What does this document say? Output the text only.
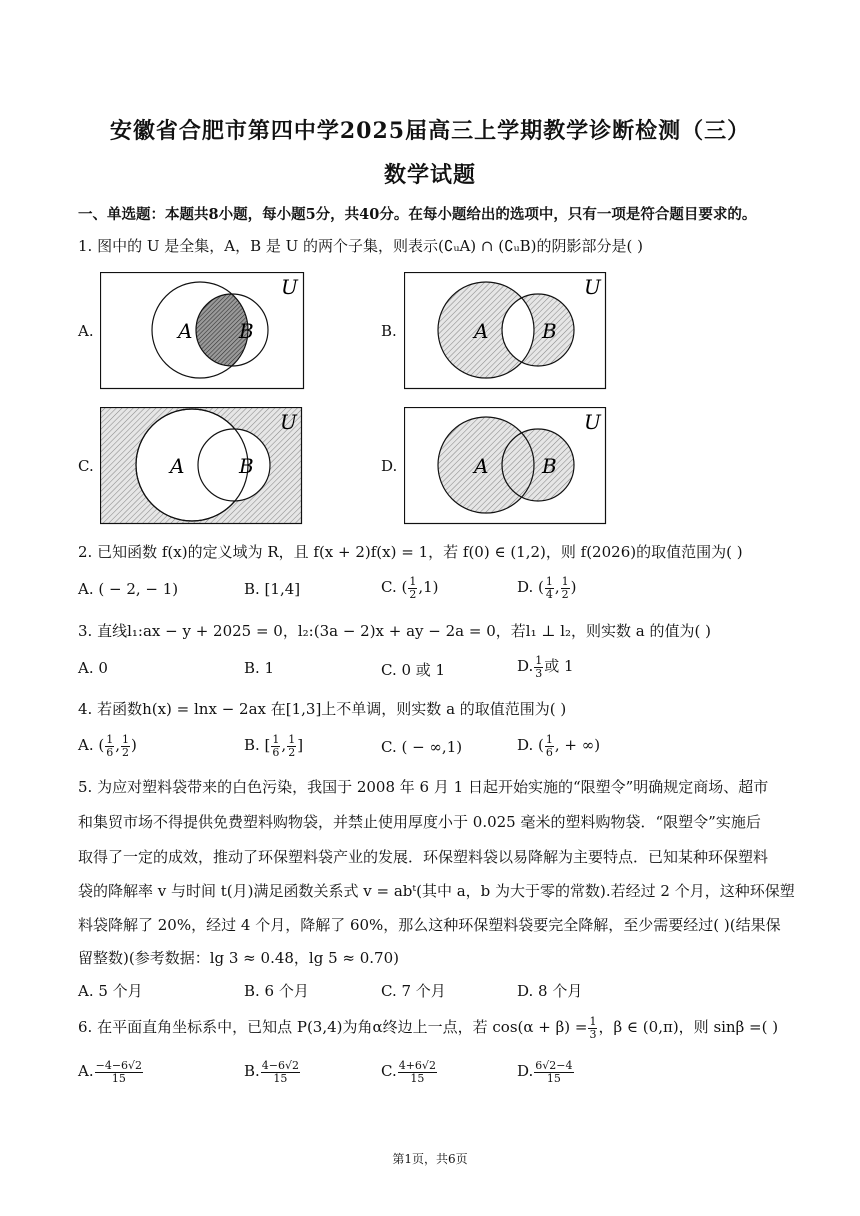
安徽省合肥市第四中学2025届高三上学期教学诊断检测（三）
数学试题
一、单选题：本题共8小题，每小题5分，共40分。在每小题给出的选项中，只有一项是符合题目要求的。
1. 图中的 U 是全集，A，B 是 U 的两个子集，则表示(∁ᵤA) ∩ (∁ᵤB)的阴影部分是( )
A.	A B
U
B.	A	B
U
C.	A	B
U
D.	A	B
U
2. 已知函数 f(x)的定义域为 R，且 f(x + 2)f(x) = 1，若 f(0) ∈ (1,2)，则 f(2026)的取值范围为( )
A. ( − 2, − 1)	B. [1,4]	C. ( $\frac{1}{2} ,1$)	D. ( $\frac{1}{4}$ , $\frac{1}{2}$ )
3. 直线l₁:ax − y + 2025 = 0，l₂:(3a − 2)x + ay − 2a = 0，若l₁ ⊥ l₂，则实数 a 的值为( )
A. 0	B. 1	C. 0 或 1	D. $\frac{1}{3}$ 或 1
4. 若函数h(x) = lnx − 2ax 在[1,3]上不单调，则实数 a 的取值范围为( )
A. ( $\frac{1}{6}$ , $\frac{1}{2}$ )	B. [ $\frac{1}{6}$ , $\frac{1}{2}$ ]	C. ( − ∞,1)	D. ( $\frac{1}{6}$ , + ∞)
5. 为应对塑料袋带来的白色污染，我国于 2008 年 6 月 1 日起开始实施的“限塑令”明确规定商场、超市
和集贸市场不得提供免费塑料购物袋，并禁止使用厚度小于 0.025 毫米的塑料购物袋．“限塑令”实施后
取得了一定的成效，推动了环保塑料袋产业的发展．环保塑料袋以易降解为主要特点．已知某种环保塑料
袋的降解率 v 与时间 t(月)满足函数关系式 v = abᵗ(其中 a，b 为大于零的常数).若经过 2 个月，这种环保塑
料袋降解了 20%，经过 4 个月，降解了 60%，那么这种环保塑料袋要完全降解，至少需要经过( )(结果保
留整数)(参考数据：lg 3 ≈ 0.48，lg 5 ≈ 0.70)
A. 5 个月	B. 6 个月	C. 7 个月	D. 8 个月
6. 在平面直角坐标系中，已知点 P(3,4)为角α终边上一点，若 $\cos(\alpha + \beta) = \frac{1}{3}$ ，β ∈ (0,π)，则 sinβ =( )
A. $\frac{-4-6√2}{15}$	B. $\frac{4-6√2}{15}$	C. $\frac{4+6√2}{15}$	D. $\frac{6√2-4}{15}$
第1页，共6页
